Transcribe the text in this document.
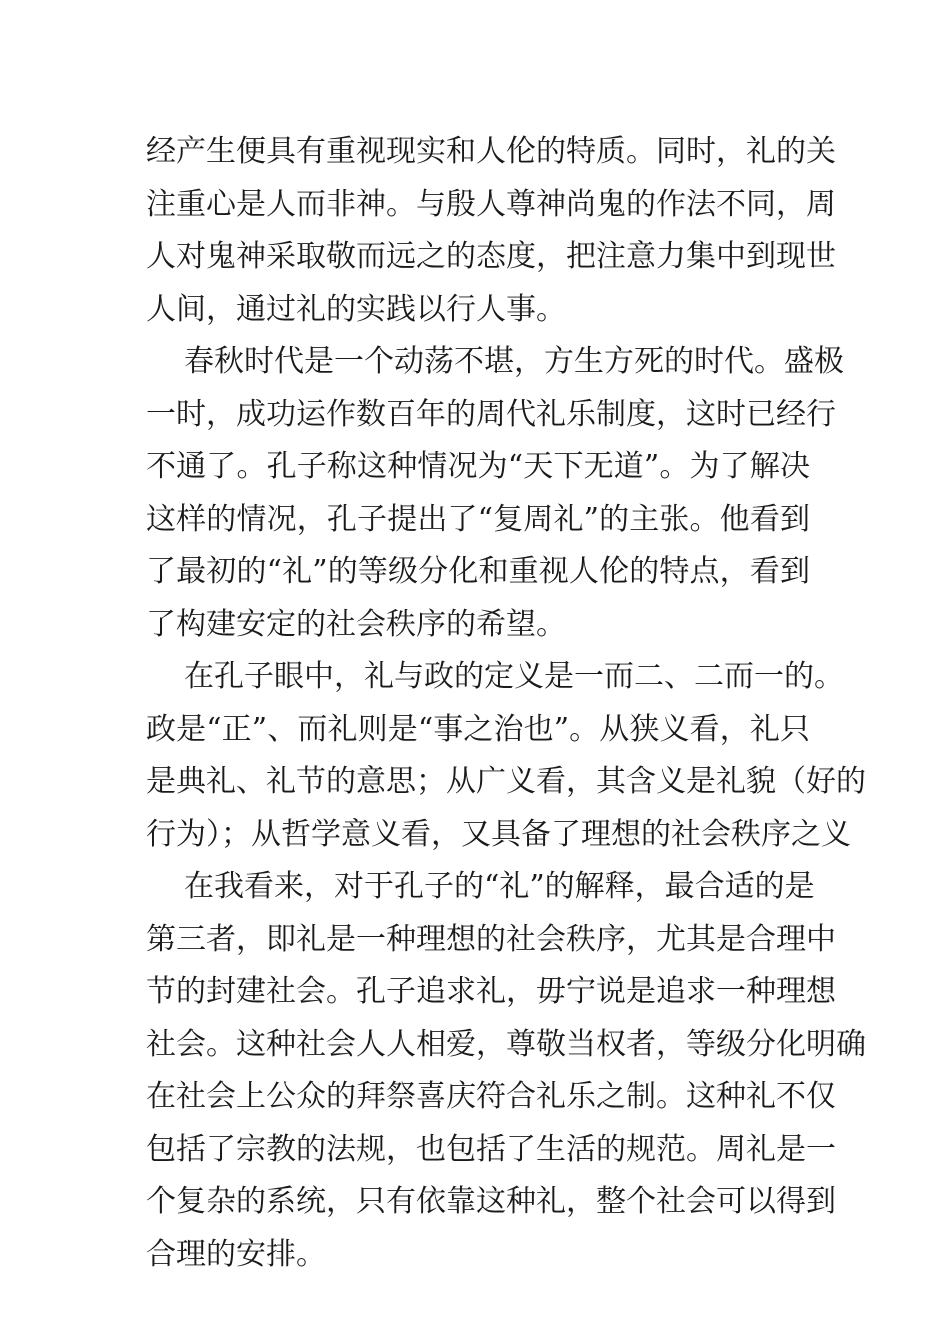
经产生便具有重视现实和人伦的特质。同时，礼的关
注重心是人而非神。与殷人尊神尚鬼的作法不同，周
人对鬼神采取敬而远之的态度，把注意力集中到现世
人间，通过礼的实践以行人事。
春秋时代是一个动荡不堪，方生方死的时代。盛极
一时，成功运作数百年的周代礼乐制度，这时已经行
不通了。孔子称这种情况为“天下无道”。为了解决
这样的情况，孔子提出了“复周礼”的主张。他看到
了最初的“礼”的等级分化和重视人伦的特点，看到
了构建安定的社会秩序的希望。
在孔子眼中，礼与政的定义是一而二、二而一的。
政是“正”、而礼则是“事之治也”。从狭义看，礼只
是典礼、礼节的意思；从广义看，其含义是礼貌（好的
行为）；从哲学意义看，又具备了理想的社会秩序之义
在我看来，对于孔子的“礼”的解释，最合适的是
第三者，即礼是一种理想的社会秩序，尤其是合理中
节的封建社会。孔子追求礼，毋宁说是追求一种理想
社会。这种社会人人相爱，尊敬当权者，等级分化明确
在社会上公众的拜祭喜庆符合礼乐之制。这种礼不仅
包括了宗教的法规，也包括了生活的规范。周礼是一
个复杂的系统，只有依靠这种礼，整个社会可以得到
合理的安排。
